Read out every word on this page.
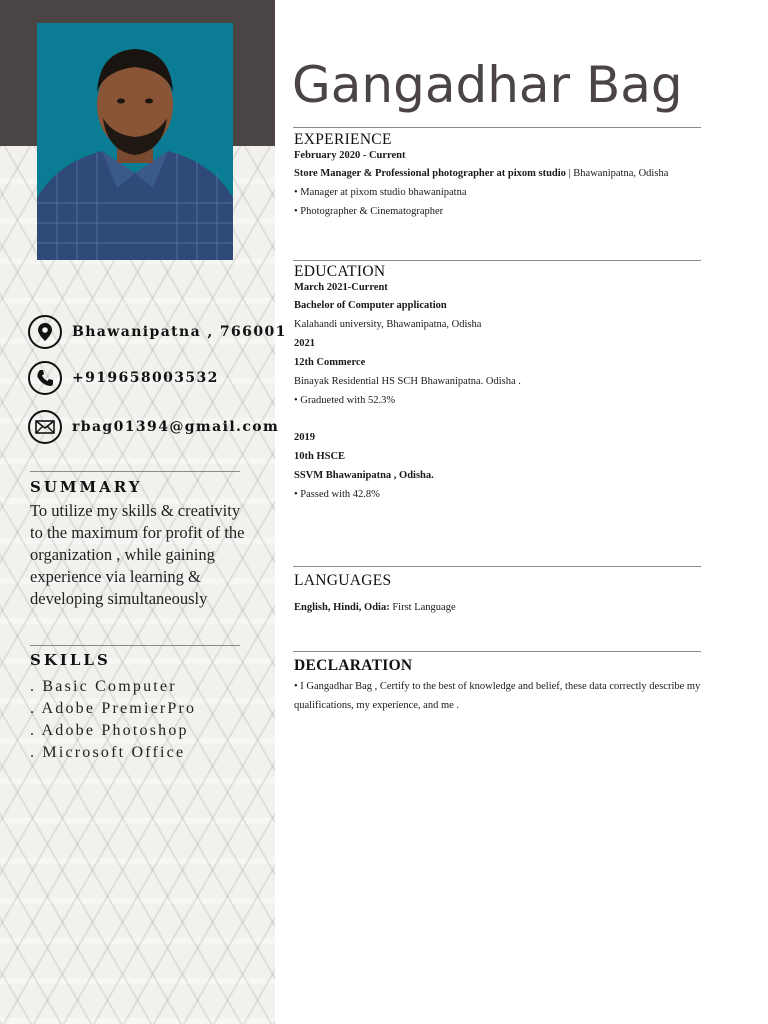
Bhawanipatna , 766001
+919658003532
rbag01394@gmail.com
SUMMARY
To utilize my skills & creativity
to the maximum for profit of the
organization , while gaining
experience via learning &
developing simultaneously
SKILLS
. Basic Computer
. Adobe PremierPro
. Adobe Photoshop
. Microsoft Office
Gangadhar Bag
EXPERIENCE
February 2020 - Current
Store Manager & Professional photographer at pixom studio | Bhawanipatna, Odisha
• Manager at pixom studio bhawanipatna
• Photographer & Cinematographer
EDUCATION
March 2021-Current
Bachelor of Computer application
Kalahandi university, Bhawanipatna, Odisha
2021
12th Commerce
Binayak Residential HS SCH Bhawanipatna. Odisha .
• Gradueted with 52.3%
2019
10th HSCE
SSVM Bhawanipatna , Odisha.
• Passed with 42.8%
LANGUAGES
English, Hindi, Odia: First Language
DECLARATION
• I Gangadhar Bag , Certify to the best of knowledge and belief, these data correctly describe my qualifications, my experience, and me .
